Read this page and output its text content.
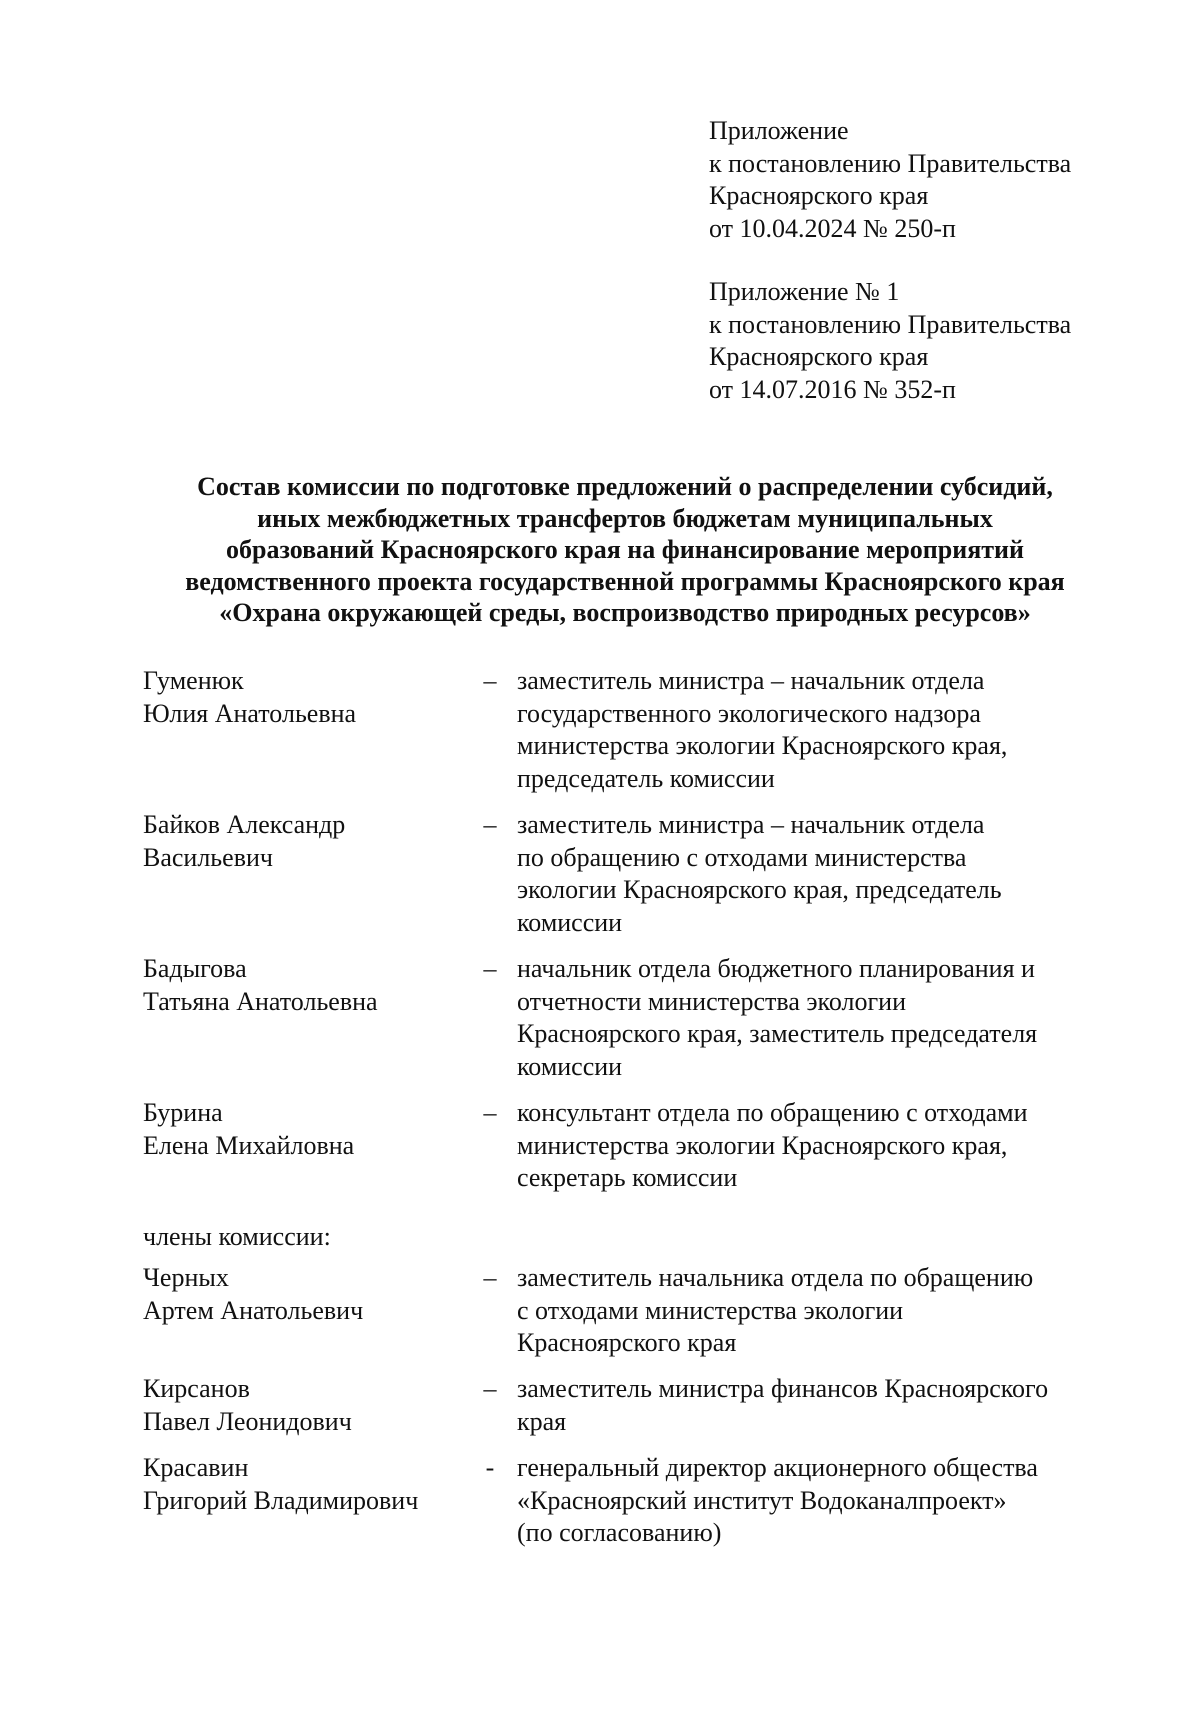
Приложение
к постановлению Правительства
Красноярского края
от 10.04.2024 № 250-п
Приложение № 1
к постановлению Правительства
Красноярского края
от 14.07.2016 № 352-п
Состав комиссии по подготовке предложений о распределении субсидий,
иных межбюджетных трансфертов бюджетам муниципальных
образований Красноярского края на финансирование мероприятий
ведомственного проекта государственной программы Красноярского края
«Охрана окружающей среды, воспроизводство природных ресурсов»
Гуменюк
Юлия Анатольевна
– заместитель министра – начальник отдела
государственного экологического надзора
министерства экологии Красноярского края,
председатель комиссии
Байков Александр
Васильевич
– заместитель министра – начальник отдела
по обращению с отходами министерства
экологии Красноярского края, председатель
комиссии
Бадыгова
Татьяна Анатольевна
– начальник отдела бюджетного планирования и
отчетности министерства экологии
Красноярского края, заместитель председателя
комиссии
Бурина
Елена Михайловна
– консультант отдела по обращению с отходами
министерства экологии Красноярского края,
секретарь комиссии
члены комиссии:
Черных
Артем Анатольевич
– заместитель начальника отдела по обращению
с отходами министерства экологии
Красноярского края
Кирсанов
Павел Леонидович
– заместитель министра финансов Красноярского
края
Красавин
Григорий Владимирович
- генеральный директор акционерного общества
«Красноярский институт Водоканалпроект»
(по согласованию)
